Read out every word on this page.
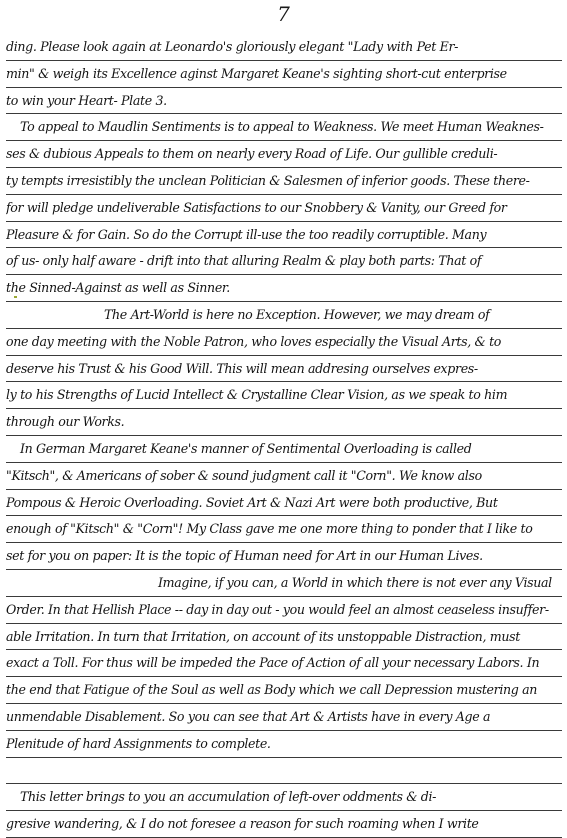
7
ding. Please look again at Leonardo's gloriously elegant "Lady with Pet Er-
min" & weigh its Excellence aginst Margaret Keane's sighting short-cut enterprise
to win your Heart- Plate 3.
To appeal to Maudlin Sentiments is to appeal to Weakness. We meet Human Weaknes-
ses & dubious Appeals to them on nearly every Road of Life. Our gullible creduli-
ty tempts irresistibly the unclean Politician & Salesmen of inferior goods. These there-
for will pledge undeliverable Satisfactions to our Snobbery & Vanity, our Greed for
Pleasure & for Gain. So do the Corrupt ill-use the too readily corruptible. Many
of us- only half aware - drift into that alluring Realm & play both parts: That of
the Sinned-Against as well as Sinner.
The Art-World is here no Exception. However, we may dream of
one day meeting with the Noble Patron, who loves especially the Visual Arts, & to
deserve his Trust & his Good Will. This will mean addresing ourselves expres-
ly to his Strengths of Lucid Intellect & Crystalline Clear Vision, as we speak to him
through our Works.
In German Margaret Keane's manner of Sentimental Overloading is called
"Kitsch", & Americans of sober & sound judgment call it "Corn". We know also
Pompous & Heroic Overloading. Soviet Art & Nazi Art were both productive, But
enough of "Kitsch" & "Corn"! My Class gave me one more thing to ponder that I like to
set for you on paper: It is the topic of Human need for Art in our Human Lives.
Imagine, if you can, a World in which there is not ever any Visual
Order. In that Hellish Place -- day in day out - you would feel an almost ceaseless insuffer-
able Irritation. In turn that Irritation, on account of its unstoppable Distraction, must
exact a Toll. For thus will be impeded the Pace of Action of all your necessary Labors. In
the end that Fatigue of the Soul as well as Body which we call Depression mustering an
unmendable Disablement. So you can see that Art & Artists have in every Age a
Plenitude of hard Assignments to complete.
This letter brings to you an accumulation of left-over oddments & di-
gresive wandering, & I do not foresee a reason for such roaming when I write
